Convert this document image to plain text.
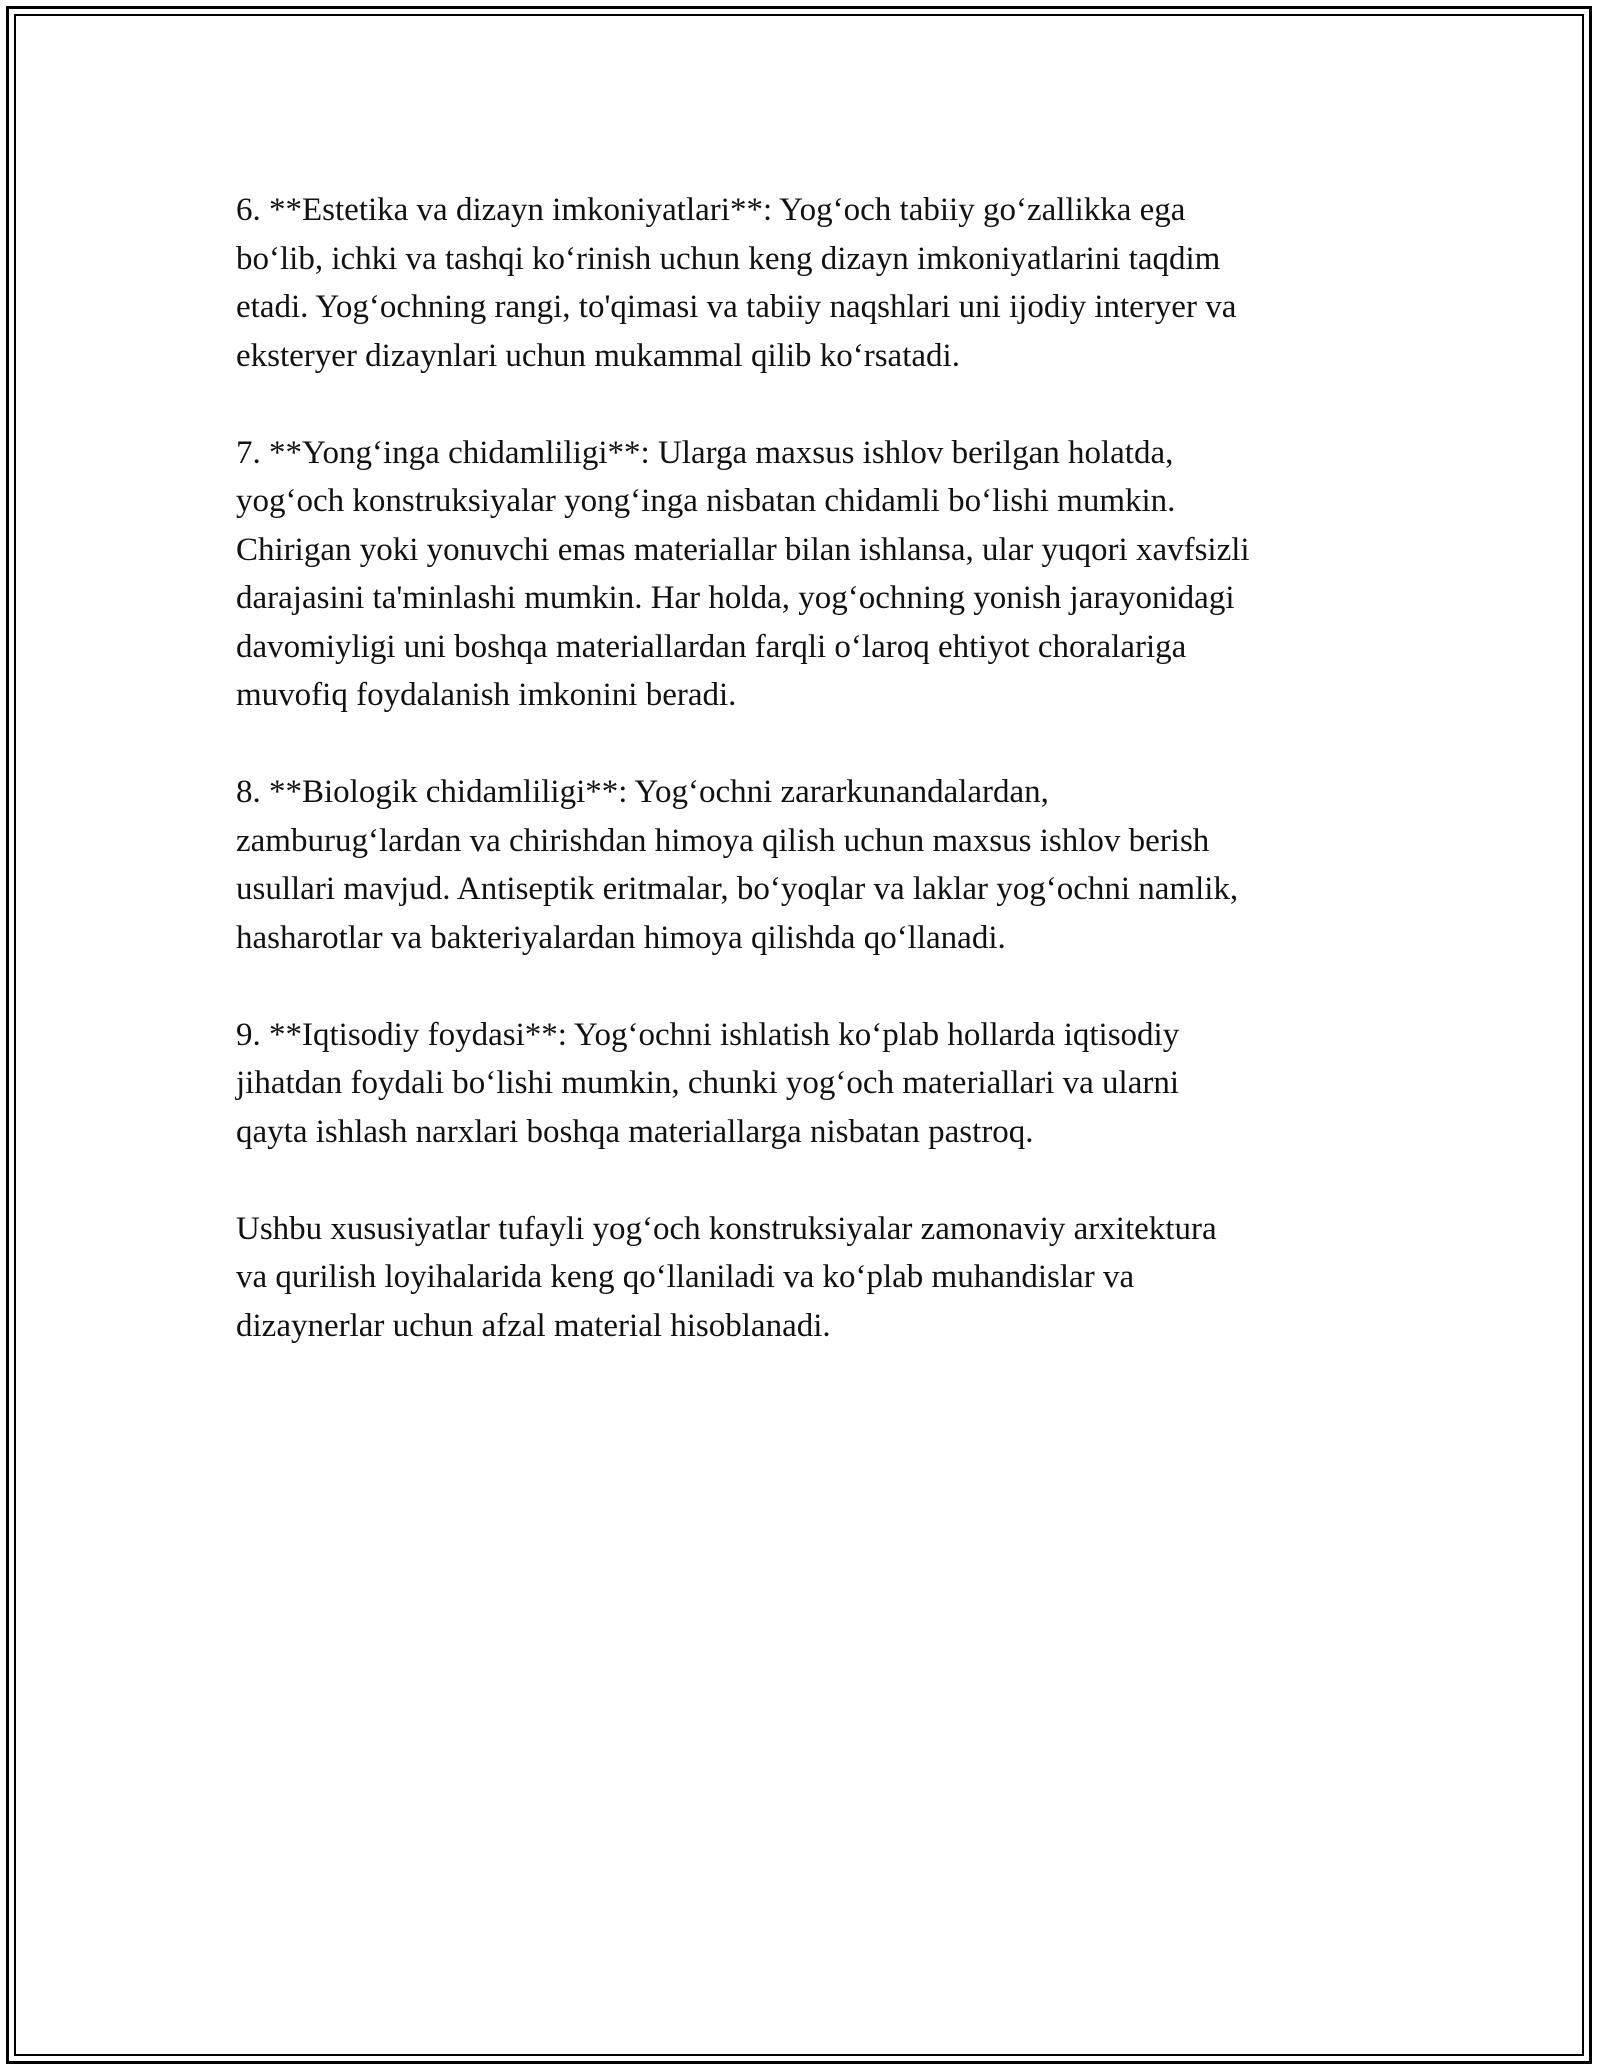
6. **Estetika va dizayn imkoniyatlari**: Yog‘och tabiiy go‘zallikka ega
bo‘lib, ichki va tashqi ko‘rinish uchun keng dizayn imkoniyatlarini taqdim
etadi. Yog‘ochning rangi, to'qimasi va tabiiy naqshlari uni ijodiy interyer va
eksteryer dizaynlari uchun mukammal qilib ko‘rsatadi.

7. **Yong‘inga chidamliligi**: Ularga maxsus ishlov berilgan holatda,
yog‘och konstruksiyalar yong‘inga nisbatan chidamli bo‘lishi mumkin.
Chirigan yoki yonuvchi emas materiallar bilan ishlansa, ular yuqori xavfsizli
darajasini ta'minlashi mumkin. Har holda, yog‘ochning yonish jarayonidagi
davomiyligi uni boshqa materiallardan farqli o‘laroq ehtiyot choralariga
muvofiq foydalanish imkonini beradi.

8. **Biologik chidamliligi**: Yog‘ochni zararkunandalardan,
zamburug‘lardan va chirishdan himoya qilish uchun maxsus ishlov berish
usullari mavjud. Antiseptik eritmalar, bo‘yoqlar va laklar yog‘ochni namlik,
hasharotlar va bakteriyalardan himoya qilishda qo‘llanadi.

9. **Iqtisodiy foydasi**: Yog‘ochni ishlatish ko‘plab hollarda iqtisodiy
jihatdan foydali bo‘lishi mumkin, chunki yog‘och materiallari va ularni
qayta ishlash narxlari boshqa materiallarga nisbatan pastroq.

Ushbu xususiyatlar tufayli yog‘och konstruksiyalar zamonaviy arxitektura
va qurilish loyihalarida keng qo‘llaniladi va ko‘plab muhandislar va
dizaynerlar uchun afzal material hisoblanadi.
